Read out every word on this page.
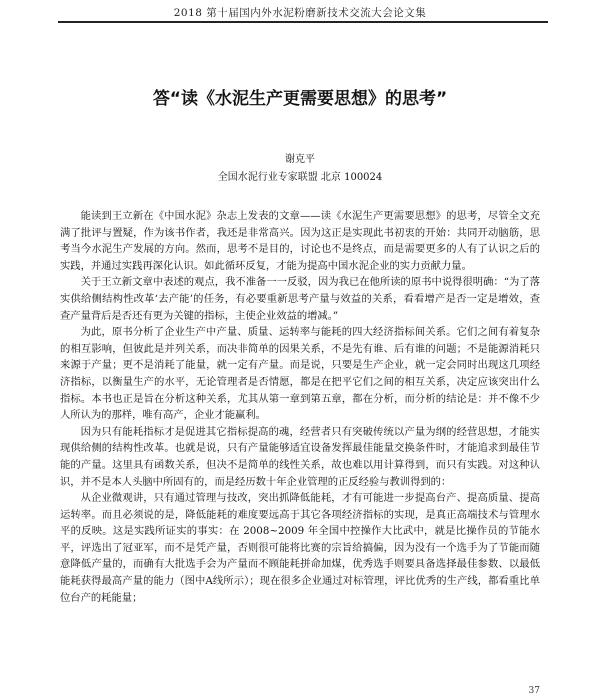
2018 第十届国内外水泥粉磨新技术交流大会论文集
答“读《水泥生产更需要思想》的思考”
谢克平
全国水泥行业专家联盟 北京 100024

能读到王立新在《中国水泥》杂志上发表的文章——读《水泥生产更需要思想》的思考，尽管全文充满了批评与置疑，作为该书作者，我还是非常高兴。因为这正是实现此书初衷的开始：共同开动脑筋，思考当今水泥生产发展的方向。然而，思考不是目的，讨论也不是终点，而是需要更多的人有了认识之后的实践，并通过实践再深化认识。如此循环反复，才能为提高中国水泥企业的实力贡献力量。

关于王立新文章中表述的观点，我不准备一一反驳，因为我已在他所读的原书中说得很明确：“为了落实供给侧结构性改革‘去产能’的任务，有必要重新思考产量与效益的关系，看看增产是否一定是增效，查查产量背后是否还有更为关键的指标，主使企业效益的增减。”

为此，原书分析了企业生产中产量、质量、运转率与能耗的四大经济指标间关系。它们之间有着复杂的相互影响，但彼此是并列关系，而决非简单的因果关系，不是先有谁、后有谁的问题；不是能源消耗只来源于产量；更不是消耗了能量，就一定有产量。而是说，只要是生产企业，就一定会同时出现这几项经济指标，以衡量生产的水平，无论管理者是否情愿，都是在把平它们之间的相互关系，决定应该突出什么指标。本书也正是旨在分析这种关系，尤其从第一章到第五章，都在分析，而分析的结论是：并不像不少人所认为的那样，唯有高产，企业才能赢利。

因为只有能耗指标才是促进其它指标提高的魂，经营者只有突破传统以产量为纲的经营思想，才能实现供给侧的结构性改革。也就是说，只有产量能够适宜设备发挥最佳能量交换条件时，才能追求到最佳节能的产量。这里具有函数关系，但决不是简单的线性关系，故也难以用计算得到，而只有实践。对这种认识，并不是本人头脑中所固有的，而是经历数十年企业管理的正反经验与教训得到的：

从企业微观讲，只有通过管理与技改，突出抓降低能耗，才有可能进一步提高台产、提高质量、提高运转率。而且必须说的是，降低能耗的难度要远高于其它各项经济指标的实现，是真正高端技术与管理水平的反映。这是实践所证实的事实：在 2008~2009 年全国中控操作大比武中，就是比操作员的节能水平，评选出了冠亚军，而不是凭产量，否则很可能将比赛的宗旨给搞偏，因为没有一个选手为了节能而随意降低产量的，而确有大批选手会为产量而不顾能耗拼命加煤，优秀选手则要具备选择最佳参数、以最低能耗获得最高产量的能力（图中A线所示）；现在很多企业通过对标管理，评比优秀的生产线，都看重比单位台产的耗能量；

37
